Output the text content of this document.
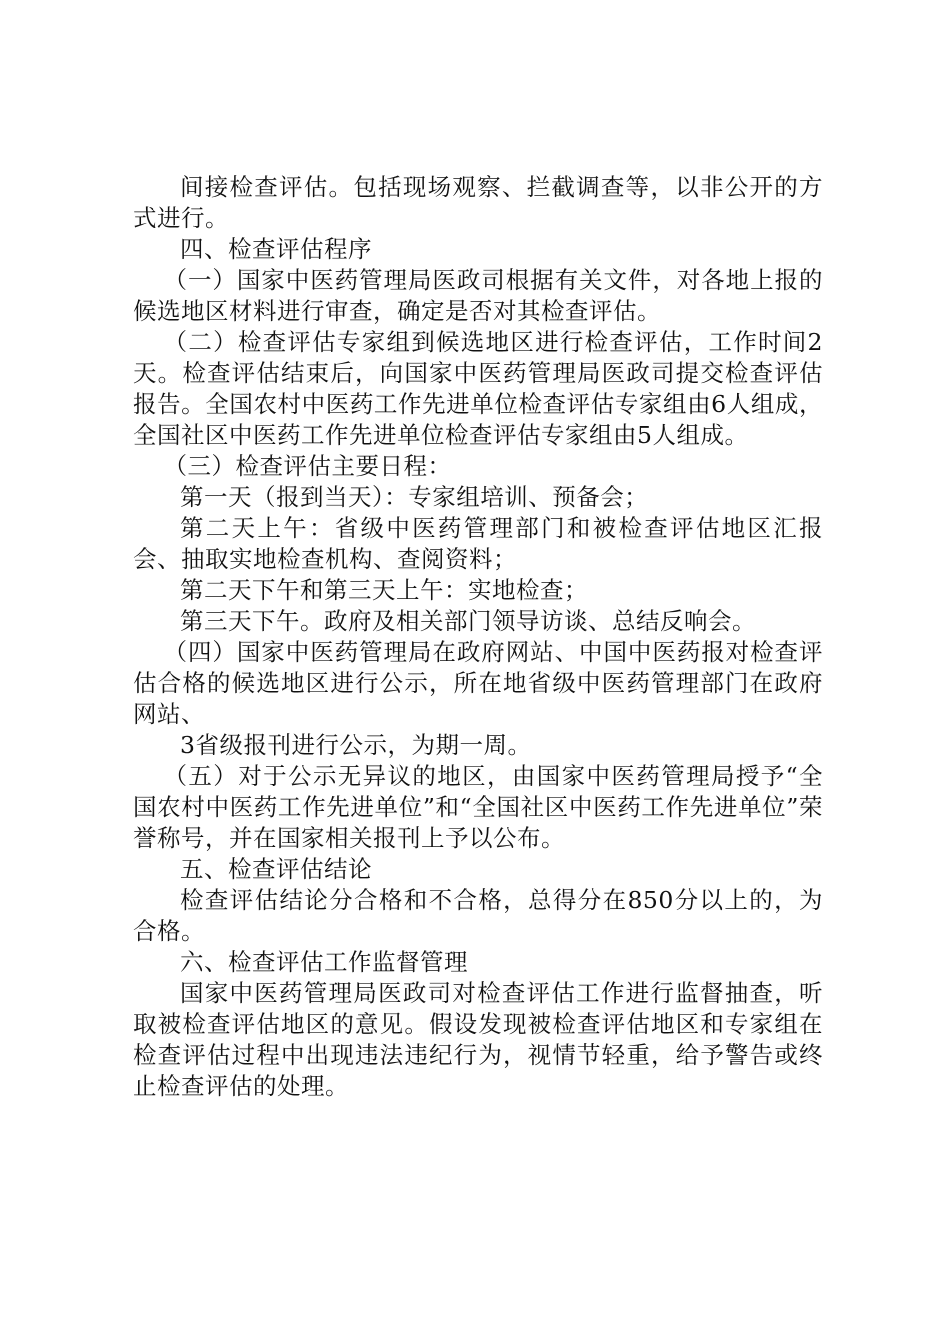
间接检查评估。包括现场观察、拦截调查等，以非公开的方式进行。

四、检查评估程序

（一）国家中医药管理局医政司根据有关文件，对各地上报的候选地区材料进行审查，确定是否对其检查评估。

（二）检查评估专家组到候选地区进行检查评估，工作时间2天。检查评估结束后，向国家中医药管理局医政司提交检查评估报告。全国农村中医药工作先进单位检查评估专家组由6人组成，全国社区中医药工作先进单位检查评估专家组由5人组成。

（三）检查评估主要日程：

第一天（报到当天）：专家组培训、预备会；

第二天上午：省级中医药管理部门和被检查评估地区汇报会、抽取实地检查机构、查阅资料；

第二天下午和第三天上午：实地检查；

第三天下午。政府及相关部门领导访谈、总结反响会。

（四）国家中医药管理局在政府网站、中国中医药报对检查评估合格的候选地区进行公示，所在地省级中医药管理部门在政府网站、

3省级报刊进行公示，为期一周。

（五）对于公示无异议的地区，由国家中医药管理局授予“全国农村中医药工作先进单位”和“全国社区中医药工作先进单位”荣誉称号，并在国家相关报刊上予以公布。

五、检查评估结论

检查评估结论分合格和不合格，总得分在850分以上的，为合格。

六、检查评估工作监督管理

国家中医药管理局医政司对检查评估工作进行监督抽查，听取被检查评估地区的意见。假设发现被检查评估地区和专家组在检查评估过程中出现违法违纪行为，视情节轻重，给予警告或终止检查评估的处理。
